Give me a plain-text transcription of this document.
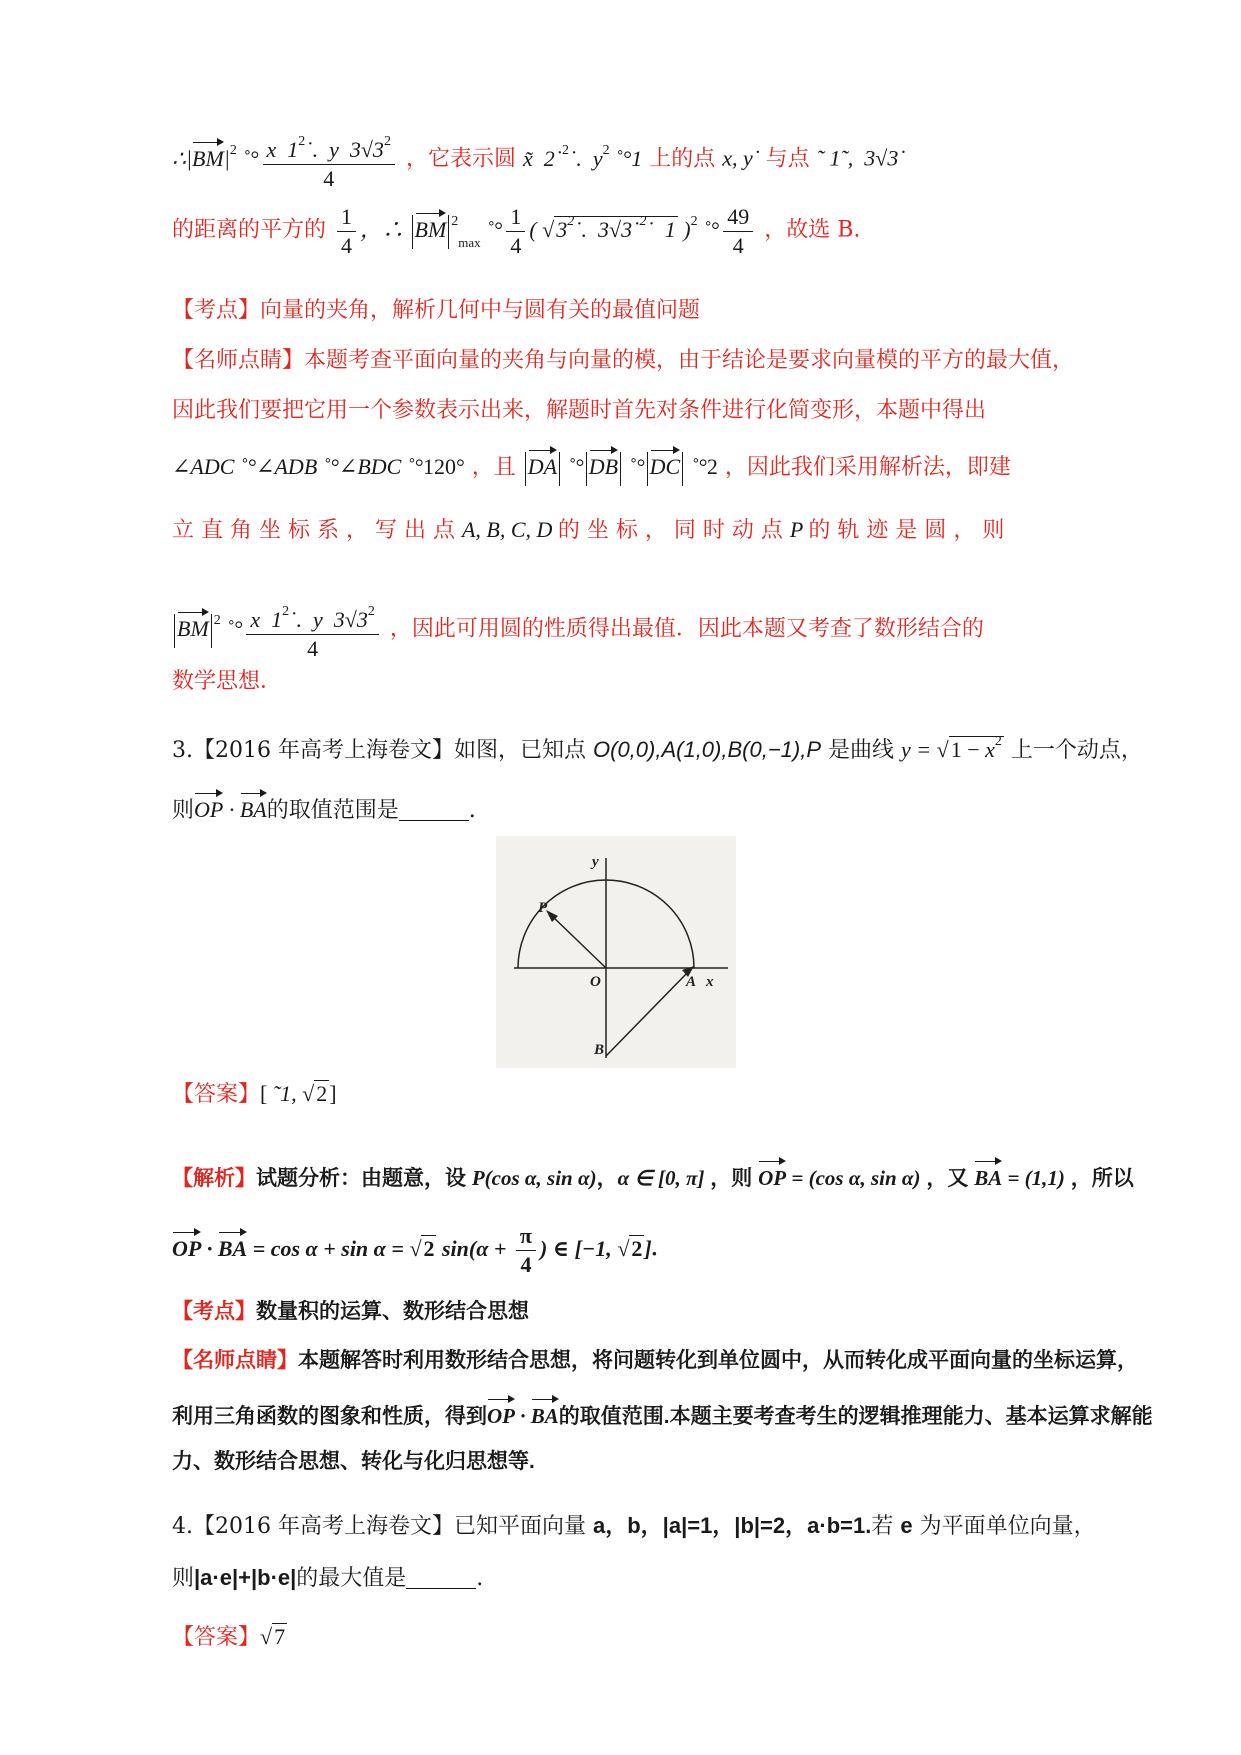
$\therefore|BM|^2$ ˚° $\frac{x 1^2˙. y 3√3^2}{4}$ ，它表示圆 x̃  2˙$^2$˙.  $y^2$ ˚°1 上的点 x, y˙ 与点 ˜ 1˜,  3√3˙
的距离的平方的 $\frac{1}{4}$ ，∴ BM $^2_{max}$ ˚° $\frac{1}{4}$ ( $√3^2˙$.  3√3˙$^2$˙  1 )$^2$ ˚° $\frac{49}{4}$ ，故选 B.
【考点】向量的夹角，解析几何中与圆有关的最值问题
【名师点睛】本题考查平面向量的夹角与向量的模，由于结论是要求向量模的平方的最大值，
因此我们要把它用一个参数表示出来，解题时首先对条件进行化简变形，本题中得出
∠ADC ˚°∠ADB ˚°∠BDC ˚°120° ，且 DA ˚° DB ˚° DC ˚°2 ，因此我们采用解析法，即建
立 直 角 坐 标 系 ， 写 出 点 A, B, C, D 的 坐 标 ， 同 时 动 点 P 的 轨 迹 是 圆 ， 则
BM $^2$ ˚° $\frac{x 1^2˙. y 3√3^2}{4}$ ，因此可用圆的性质得出最值．因此本题又考查了数形结合的
数学思想．
3.【2016 年高考上海卷文】如图，已知点 O(0,0),A(1,0),B(0,−1),P 是曲线 $y = √1 - x^2$ 上一个动点，
则OP · BA的取值范围是	.
y
x
O	A
B
P
【答案】[ ˜1, √2]
【解析】试题分析：由题意，设 P(cos α, sin α)，α ∈ [0, π] ，则 OP = (cos α, sin α) ，又 BA = (1,1) ，所以
OP · BA = cos α + sin α = √2 $\sin(\alpha + \frac{\pi}{4}$ ) ∈ [−1, √2].
【考点】数量积的运算、数形结合思想
【名师点睛】本题解答时利用数形结合思想，将问题转化到单位圆中，从而转化成平面向量的坐标运算，
利用三角函数的图象和性质，得到OP · BA的取值范围.本题主要考查考生的逻辑推理能力、基本运算求解能
力、数形结合思想、转化与化归思想等.
4.【2016 年高考上海卷文】已知平面向量 a，b，|a|=1，|b|=2，a·b=1.若 e 为平面单位向量，
则|a·e|+|b·e|的最大值是	.
【答案】√7
